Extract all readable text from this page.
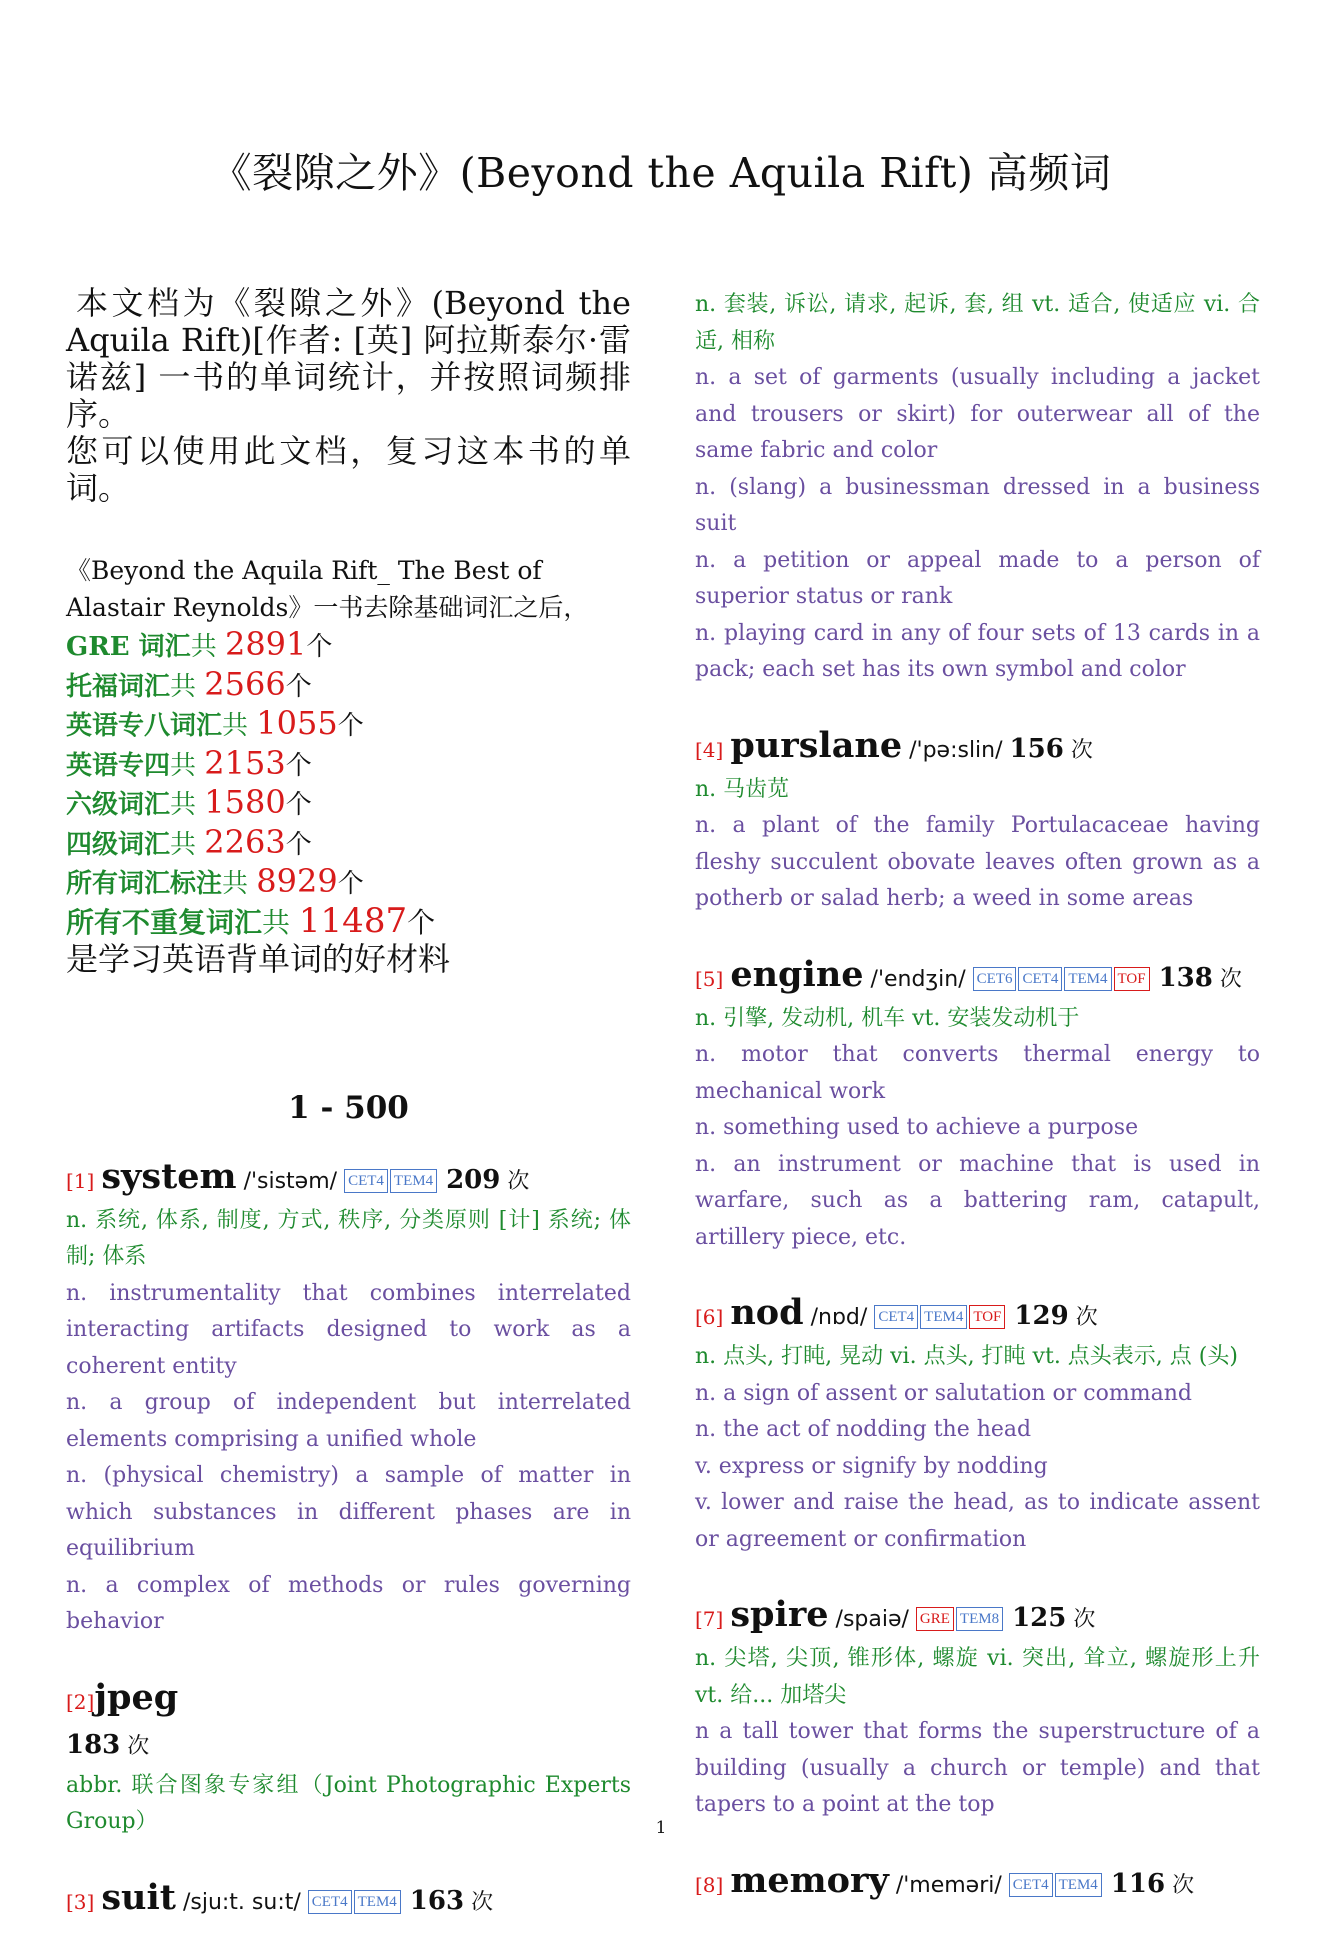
《裂隙之外》(Beyond the Aquila Rift) 高频词

本文档为《裂隙之外》(Beyond the Aquila Rift)[作者: [英] 阿拉斯泰尔·雷诺兹] 一书的单词统计，并按照词频排序。

您可以使用此文档，复习这本书的单词。

《Beyond the Aquila Rift_ The Best of Alastair Reynolds》一书去除基础词汇之后，
GRE 词汇共 2891个
托福词汇共 2566个
英语专八词汇共 1055个
英语专四共 2153个
六级词汇共 1580个
四级词汇共 2263个
所有词汇标注共 8929个
所有不重复词汇共 11487个
是学习英语背单词的好材料
1 - 500
[1] system /'sistəm/ CET4 TEM4 209 次
n. 系统, 体系, 制度, 方式, 秩序, 分类原则 [计] 系统; 体制; 体系
n. instrumentality that combines interrelated interacting artifacts designed to work as a coherent entity
n. a group of independent but interrelated elements comprising a unified whole
n. (physical chemistry) a sample of matter in which substances in different phases are in equilibrium
n. a complex of methods or rules governing behavior
[2]jpeg
183 次
abbr. 联合图象专家组（Joint Photographic Experts Group）
[3] suit /sju:t. su:t/ CET4 TEM4 163 次
n. 套装, 诉讼, 请求, 起诉, 套, 组 vt. 适合, 使适应 vi. 合适, 相称
n. a set of garments (usually including a jacket and trousers or skirt) for outerwear all of the same fabric and color
n. (slang) a businessman dressed in a business suit
n. a petition or appeal made to a person of superior status or rank
n. playing card in any of four sets of 13 cards in a pack; each set has its own symbol and color
[4] purslane /'pə:slin/ 156 次
n. 马齿苋
n. a plant of the family Portulacaceae having fleshy succulent obovate leaves often grown as a potherb or salad herb; a weed in some areas
[5] engine /'endʒin/ CET6 CET4 TEM4 TOF 138 次
n. 引擎, 发动机, 机车 vt. 安装发动机于
n. motor that converts thermal energy to mechanical work
n. something used to achieve a purpose
n. an instrument or machine that is used in warfare, such as a battering ram, catapult, artillery piece, etc.
[6] nod /nɒd/ CET4 TEM4 TOF 129 次
n. 点头, 打盹, 晃动 vi. 点头, 打盹 vt. 点头表示, 点 (头)
n. a sign of assent or salutation or command
n. the act of nodding the head
v. express or signify by nodding
v. lower and raise the head, as to indicate assent or agreement or confirmation
[7] spire /spaiə/ GRE TEM8 125 次
n. 尖塔, 尖顶, 锥形体, 螺旋 vi. 突出, 耸立, 螺旋形上升 vt. 给... 加塔尖
n a tall tower that forms the superstructure of a building (usually a church or temple) and that tapers to a point at the top
[8] memory /'meməri/ CET4 TEM4 116 次
1
